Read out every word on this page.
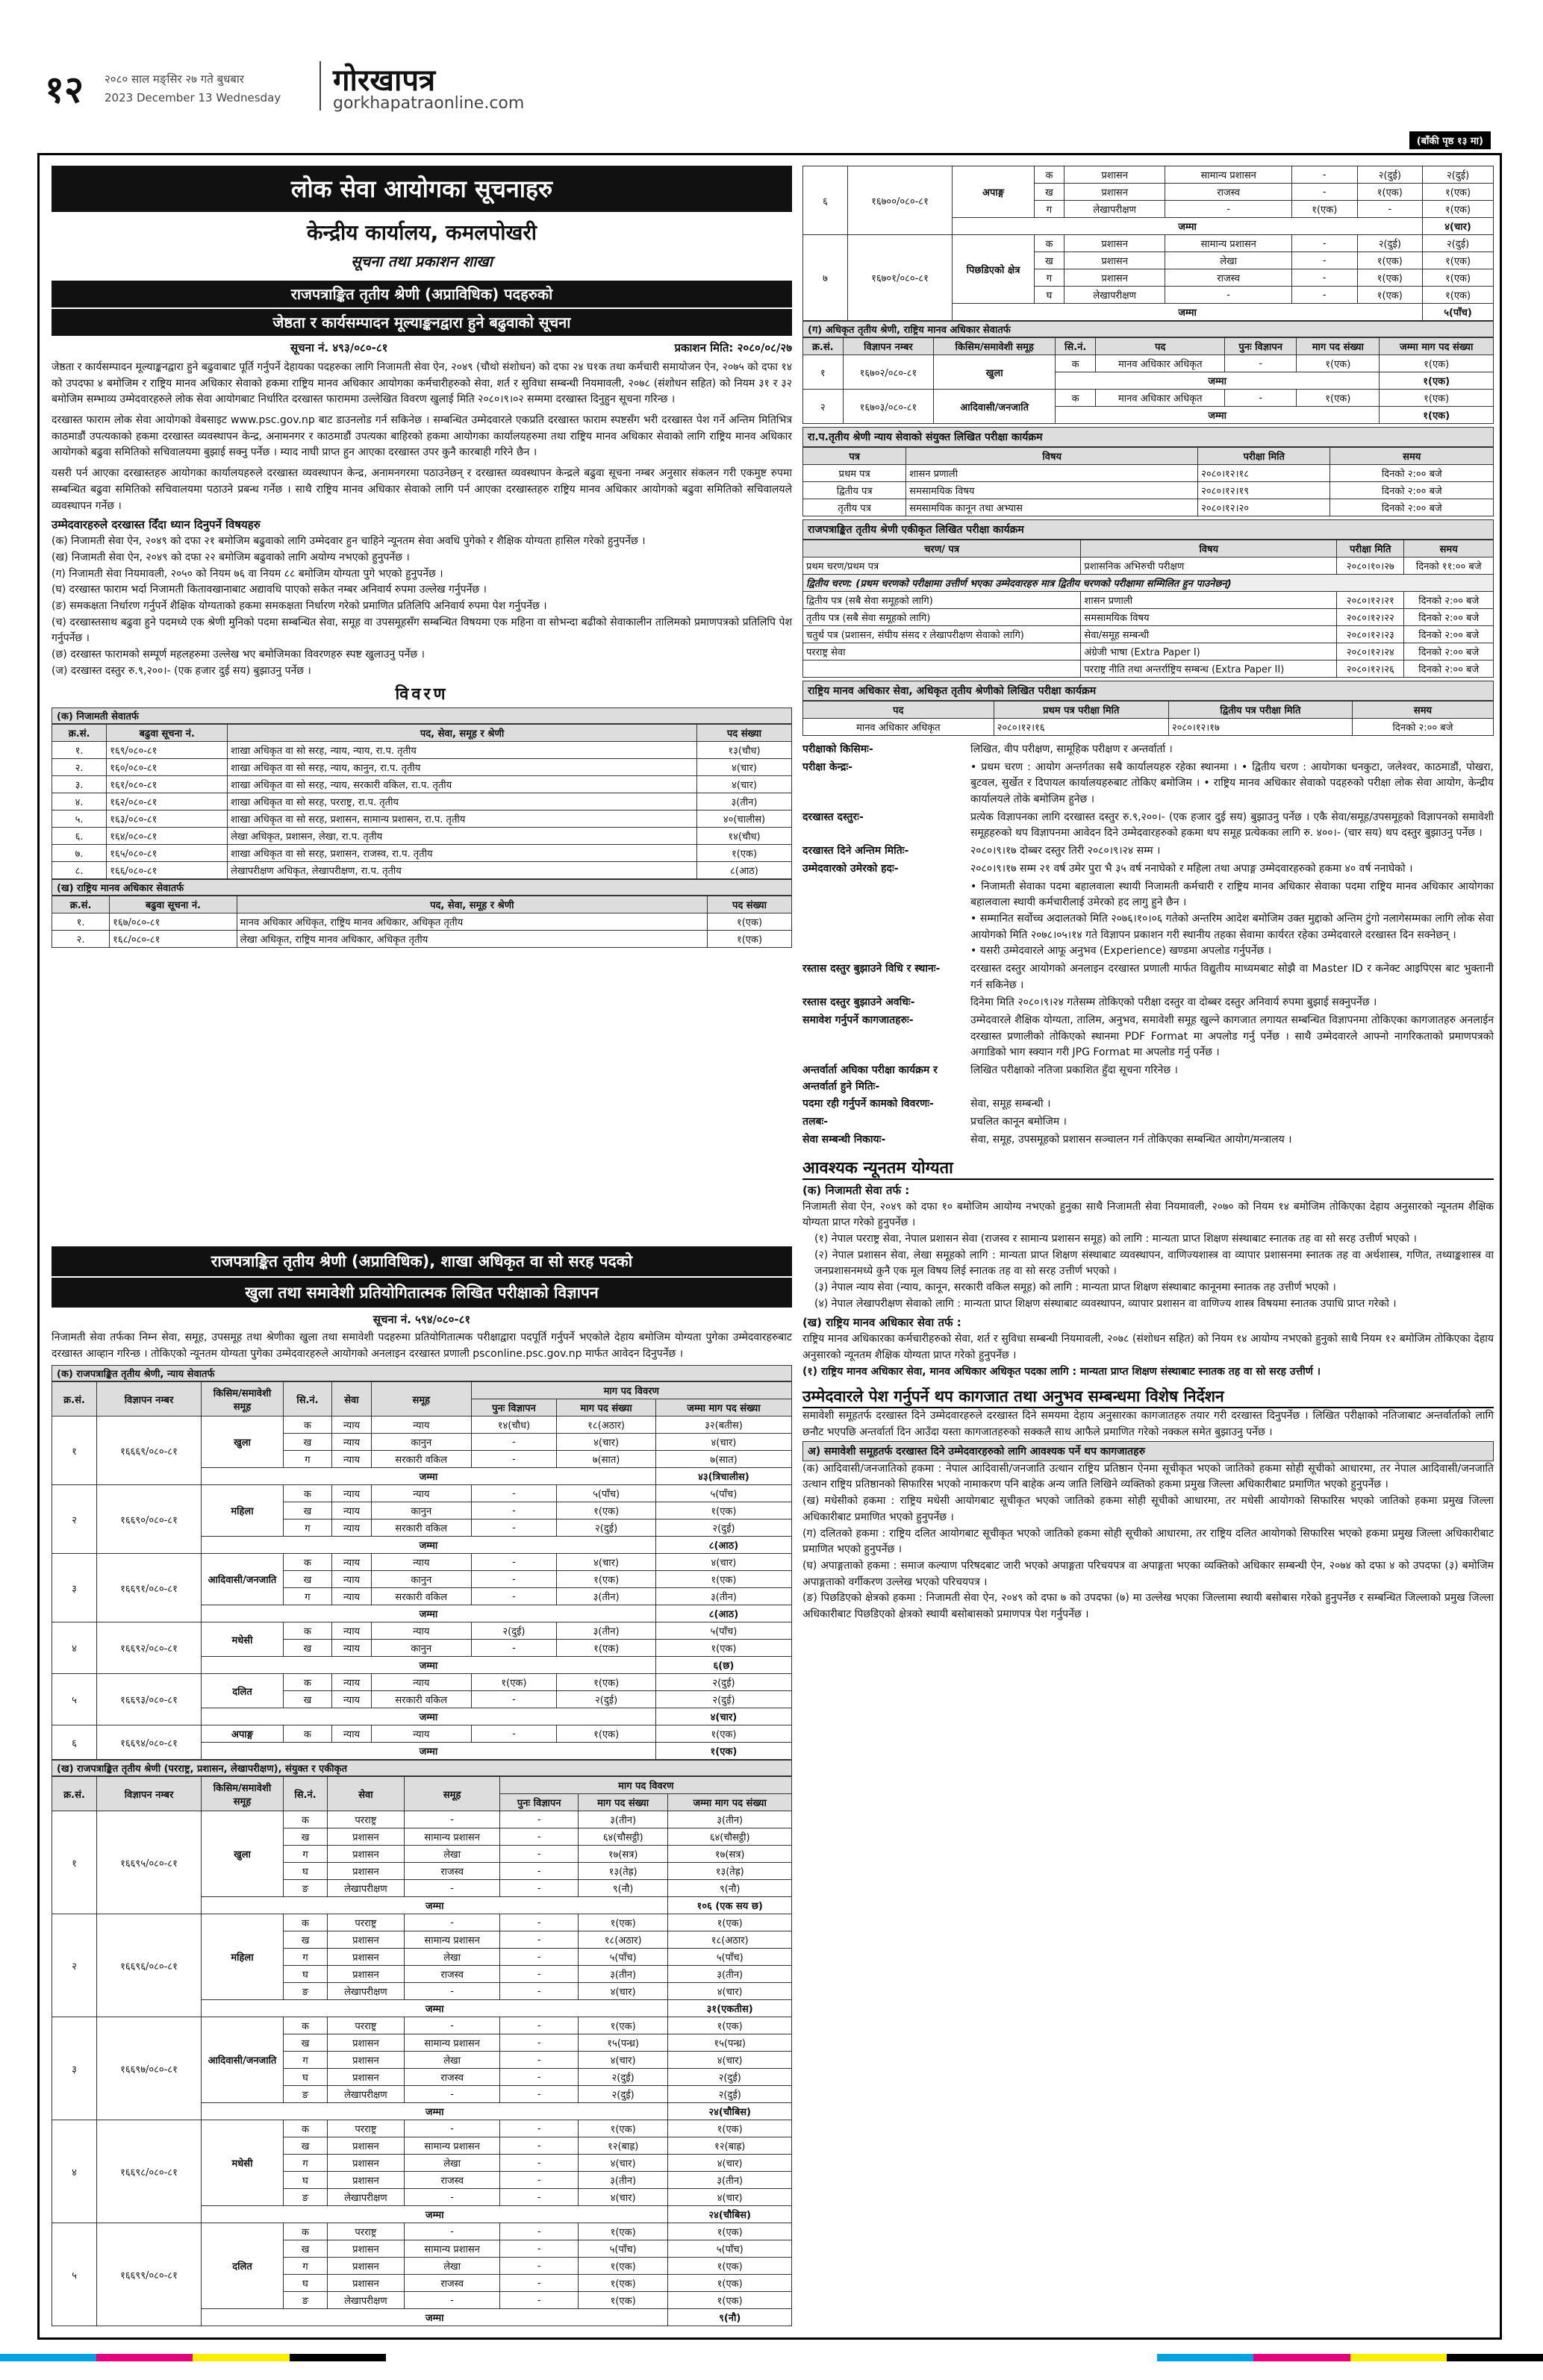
१२ २०८० साल मङ्सिर २७ गते बुधबार
2023 December 13 Wednesday गोरखापत्र
gorkhapatraonline.com
लोक सेवा आयोगका सूचनाहरु
केन्द्रीय कार्यालय, कमलपोखरी
सूचना तथा प्रकाशन शाखा
राजपत्राङ्कित तृतीय श्रेणी (अप्राविधिक) पदहरुको
जेष्ठता र कार्यसम्पादन मूल्याङ्कनद्वारा हुने बढुवाको सूचना
सूचना नं. ४९३/०८०-८१	प्रकाशन मिति: २०८०/०८/२७
जेष्ठता र कार्यसम्पादन मूल्याङ्कनद्वारा हुने बढुवाबाट पूर्ति गर्नुपर्ने देहायका पदहरुका लागि निजामती सेवा ऐन, २०४९ (चौथो संशोधन) को दफा २४ घ१क तथा कर्मचारी समायोजन ऐन, २०७५ को दफा १४ को उपदफा ४ बमोजिम र राष्ट्रिय मानव अधिकार सेवाको हकमा राष्ट्रिय मानव अधिकार आयोगका कर्मचारीहरुको सेवा, शर्त र सुविधा सम्बन्धी नियमावली, २०७८ (संशोधन सहित) को नियम ३१ र ३२ बमोजिम सम्भाव्य उम्मेदवारहरुले लोक सेवा आयोगबाट निर्धारित दरखास्त फाराममा उल्लेखित विवरण खुलाई मिति २०८०।९।०२ सम्ममा दरखास्त दिनुहुन सूचना गरिन्छ ।
दरखास्त फाराम लोक सेवा आयोगको वेबसाइट www.psc.gov.np बाट डाउनलोड गर्न सकिनेछ । सम्बन्धित उम्मेदवारले एकप्रति दरखास्त फाराम स्पष्टसँग भरी दरखास्त पेश गर्ने अन्तिम मितिभित्र काठमाडौं उपत्यकाको हकमा दरखास्त व्यवस्थापन केन्द्र, अनामनगर र काठमाडौं उपत्यका बाहिरको हकमा आयोगका कार्यालयहरुमा तथा राष्ट्रिय मानव अधिकार सेवाको लागि राष्ट्रिय मानव अधिकार आयोगको बढुवा समितिको सचिवालयमा बुझाई सक्नु पर्नेछ । म्याद नाघी प्राप्त हुन आएका दरखास्त उपर कुनै कारबाही गरिने छैन ।
यसरी पर्न आएका दरखास्तहरु आयोगका कार्यालयहरुले दरखास्त व्यवस्थापन केन्द्र, अनामनगरमा पठाउनेछन् र दरखास्त व्यवस्थापन केन्द्रले बढुवा सूचना नम्बर अनुसार संकलन गरी एकमुष्ट रुपमा सम्बन्धित बढुवा समितिको सचिवालयमा पठाउने प्रबन्ध गर्नेछ । साथै राष्ट्रिय मानव अधिकार सेवाको लागि पर्न आएका दरखास्तहरु राष्ट्रिय मानव अधिकार आयोगको बढुवा समितिको सचिवालयले व्यवस्थापन गर्नेछ ।
उम्मेदवारहरुले दरखास्त दिँदा ध्यान दिनुपर्ने विषयहरु
(क) निजामती सेवा ऐन, २०४९ को दफा २१ बमोजिम बढुवाको लागि उम्मेदवार हुन चाहिने न्यूनतम सेवा अवधि पुगेको र शैक्षिक योग्यता हासिल गरेको हुनुपर्नेछ ।
(ख) निजामती सेवा ऐन, २०४९ को दफा २२ बमोजिम बढुवाको लागि अयोग्य नभएको हुनुपर्नेछ ।
(ग) निजामती सेवा नियमावली, २०५० को नियम ७६ वा नियम ८८ बमोजिम योग्यता पुगे भएको हुनुपर्नेछ ।
(घ) दरखास्त फाराम भर्दा निजामती कितावखानाबाट अद्यावधि पाएको सकेत नम्बर अनिवार्य रुपमा उल्लेख गर्नुपर्नेछ ।
(ङ) समकक्षता निर्धारण गर्नुपर्ने शैक्षिक योग्यताको हकमा समकक्षता निर्धारण गरेको प्रमाणित प्रतिलिपि अनिवार्य रुपमा पेश गर्नुपर्नेछ ।
(च) दरखास्तसाथ बढुवा हुने पदमध्ये एक श्रेणी मुनिको पदमा सम्बन्धित सेवा, समूह वा उपसमूहसँग सम्बन्धित विषयमा एक महिना वा सोभन्दा बढीको सेवाकालीन तालिमको प्रमाणपत्रको प्रतिलिपि पेश गर्नुपर्नेछ ।
(छ) दरखास्त फारामको सम्पूर्ण महलहरुमा उल्लेख भए बमोजिमका विवरणहरु स्पष्ट खुलाउनु पर्नेछ ।
(ज) दरखास्त दस्तुर रु.९,२००।- (एक हजार दुई सय) बुझाउनु पर्नेछ ।
विवरण
(क) निजामती सेवातर्फ
क्र.सं.	बढुवा सूचना नं.	पद, सेवा, समूह र श्रेणी	पद संख्या
१.	१६९/०८०-८१	शाखा अधिकृत वा सो सरह, न्याय, न्याय, रा.प. तृतीय	१३(चौध)
२.	१६०/०८०-८१	शाखा अधिकृत वा सो सरह, न्याय, कानुन, रा.प. तृतीय	४(चार)
३.	१६१/०८०-८१	शाखा अधिकृत वा सो सरह, न्याय, सरकारी वकिल, रा.प. तृतीय	४(चार)
४.	१६२/०८०-८१	शाखा अधिकृत वा सो सरह, परराष्ट्र, रा.प. तृतीय	३(तीन)
५.	१६३/०८०-८१	शाखा अधिकृत वा सो सरह, प्रशासन, सामान्य प्रशासन, रा.प. तृतीय	४०(चालीस)
६.	१६४/०८०-८१	लेखा अधिकृत, प्रशासन, लेखा, रा.प. तृतीय	१४(चौध)
७.	१६५/०८०-८१	शाखा अधिकृत वा सो सरह, प्रशासन, राजस्व, रा.प. तृतीय	१(एक)
८.	१६६/०८०-८१	लेखापरीक्षण अधिकृत, लेखापरीक्षण, रा.प. तृतीय	८(आठ)
(ख) राष्ट्रिय मानव अधिकार सेवातर्फ
क्र.सं.	बढुवा सूचना नं.	पद, सेवा, समूह र श्रेणी	पद संख्या
१.	१६७/०८०-८१	मानव अधिकार अधिकृत, राष्ट्रिय मानव अधिकार, अधिकृत तृतीय	१(एक)
२.	१६८/०८०-८१	लेखा अधिकृत, राष्ट्रिय मानव अधिकार, अधिकृत तृतीय	१(एक)
राजपत्राङ्कित तृतीय श्रेणी (अप्राविधिक), शाखा अधिकृत वा सो सरह पदको
खुला तथा समावेशी प्रतियोगितात्मक लिखित परीक्षाको विज्ञापन
सूचना नं. ५९४/०८०-८१
निजामती सेवा तर्फका निम्न सेवा, समूह, उपसमूह तथा श्रेणीका खुला तथा समावेशी पदहरुमा प्रतियोगितात्मक परीक्षाद्वारा पदपूर्ति गर्नुपर्ने भएकोले देहाय बमोजिम योग्यता पुगेका उम्मेदवारहरुबाट दरखास्त आव्हान गरिन्छ । तोकिएको न्यूनतम योग्यता पुगेका उम्मेदवारहरुले आयोगको अनलाइन दरखास्त प्रणाली psconline.psc.gov.np मार्फत आवेदन दिनुपर्नेछ ।
(क) राजपत्राङ्कित तृतीय श्रेणी, न्याय सेवातर्फ
क्र.सं.	विज्ञापन नम्बर	किसिम/समावेशी समूह	सि.नं.	सेवा	समूह	माग पद विवरण		
						पुनः विज्ञापन	माग पद संख्या	जम्मा माग पद संख्या
१	१६६६९/०८०-८१	खुला	क	न्याय	न्याय	१४(चौध)	१८(अठार)	३२(बतीस)
			ख	न्याय	कानुन	-	४(चार)	४(चार)
			ग	न्याय	सरकारी वकिल	-	७(सात)	७(सात)
		जम्मा						४३(त्रिचालीस)
२	१६६९०/०८०-८१	महिला	क	न्याय	न्याय	-	५(पाँच)	५(पाँच)
			ख	न्याय	कानुन	-	१(एक)	१(एक)
			ग	न्याय	सरकारी वकिल	-	२(दुई)	२(दुई)
		जम्मा						८(आठ)
३	१६६९१/०८०-८१	आदिवासी/जनजाति	क	न्याय	न्याय	-	४(चार)	४(चार)
			ख	न्याय	कानुन	-	१(एक)	१(एक)
			ग	न्याय	सरकारी वकिल	-	३(तीन)	३(तीन)
		जम्मा						८(आठ)
४	१६६९२/०८०-८१	मधेसी	क	न्याय	न्याय	२(दुई)	३(तीन)	५(पाँच)
			ख	न्याय	कानुन	-	१(एक)	१(एक)
		जम्मा						६(छ)
५	१६६९३/०८०-८१	दलित	क	न्याय	न्याय	१(एक)	१(एक)	२(दुई)
			ख	न्याय	सरकारी वकिल	-	२(दुई)	२(दुई)
		जम्मा						४(चार)
६	१६६९४/०८०-८१	अपाङ्ग	क	न्याय	न्याय	-	१(एक)	१(एक)
		जम्मा						१(एक)
(ख) राजपत्राङ्कित तृतीय श्रेणी (परराष्ट्र, प्रशासन, लेखापरीक्षण), संयुक्त र एकीकृत
क्र.सं.	विज्ञापन नम्बर	किसिम/समावेशी समूह	सि.नं.	सेवा	समूह	माग पद विवरण		
						पुनः विज्ञापन	माग पद संख्या	जम्मा माग पद संख्या
१	१६६९५/०८०-८१	खुला	क	परराष्ट्र	-	-	३(तीन)	३(तीन)
			ख	प्रशासन	सामान्य प्रशासन	-	६४(चौसट्ठी)	६४(चौसट्ठी)
			ग	प्रशासन	लेखा	-	१७(सत्र)	१७(सत्र)
			घ	प्रशासन	राजस्व	-	१३(तेह्र)	१३(तेह्र)
			ङ	लेखापरीक्षण	-	-	९(नौ)	९(नौ)
		जम्मा						१०६ (एक सय छ)
२	१६६९६/०८०-८१	महिला	क	परराष्ट्र	-	-	१(एक)	१(एक)
			ख	प्रशासन	सामान्य प्रशासन	-	१८(अठार)	१८(अठार)
			ग	प्रशासन	लेखा	-	५(पाँच)	५(पाँच)
			घ	प्रशासन	राजस्व	-	३(तीन)	३(तीन)
			ङ	लेखापरीक्षण	-	-	४(चार)	४(चार)
		जम्मा						३१(एकतीस)
३	१६६९७/०८०-८१	आदिवासी/जनजाति	क	परराष्ट्र	-	-	१(एक)	१(एक)
			ख	प्रशासन	सामान्य प्रशासन	-	१५(पन्ध्र)	१५(पन्ध्र)
			ग	प्रशासन	लेखा	-	४(चार)	४(चार)
			घ	प्रशासन	राजस्व	-	२(दुई)	२(दुई)
			ङ	लेखापरीक्षण	-	-	२(दुई)	२(दुई)
		जम्मा						२४(चौबिस)
४	१६६९८/०८०-८१	मधेसी	क	परराष्ट्र	-	-	१(एक)	१(एक)
			ख	प्रशासन	सामान्य प्रशासन	-	१२(बाह्र)	१२(बाह्र)
			ग	प्रशासन	लेखा	-	४(चार)	४(चार)
			घ	प्रशासन	राजस्व	-	३(तीन)	३(तीन)
			ङ	लेखापरीक्षण	-	-	४(चार)	४(चार)
		जम्मा						२४(चौबिस)
५	१६६९९/०८०-८१	दलित	क	परराष्ट्र	-	-	१(एक)	१(एक)
			ख	प्रशासन	सामान्य प्रशासन	-	५(पाँच)	५(पाँच)
			ग	प्रशासन	लेखा	-	१(एक)	१(एक)
			घ	प्रशासन	राजस्व	-	१(एक)	१(एक)
			ङ	लेखापरीक्षण	-	-	१(एक)	१(एक)
		जम्मा						९(नौ)
६	१६७००/०८०-८१	अपाङ्ग	क	प्रशासन	सामान्य प्रशासन	-	२(दुई)	२(दुई)
			ख	प्रशासन	राजस्व	-	१(एक)	१(एक)
			ग	लेखापरीक्षण	-	१(एक)	-	१(एक)
		जम्मा						४(चार)
७	१६७०१/०८०-८१	पिछडिएको क्षेत्र	क	प्रशासन	सामान्य प्रशासन	-	२(दुई)	२(दुई)
			ख	प्रशासन	लेखा	-	१(एक)	१(एक)
			ग	प्रशासन	राजस्व	-	१(एक)	१(एक)
			घ	लेखापरीक्षण	-	-	१(एक)	१(एक)
		जम्मा						५(पाँच)
(ग) अधिकृत तृतीय श्रेणी, राष्ट्रिय मानव अधिकार सेवातर्फ
क्र.सं.	विज्ञापन नम्बर	किसिम/समावेशी समूह	सि.नं.	पद	पुनः विज्ञापन	माग पद संख्या	जम्मा माग पद संख्या
१	१६७०२/०८०-८१	खुला	क	मानव अधिकार अधिकृत	-	१(एक)	१(एक)
			जम्मा				१(एक)
२	१६७०३/०८०-८१	आदिवासी/जनजाति	क	मानव अधिकार अधिकृत	-	१(एक)	१(एक)
			जम्मा				१(एक)
रा.प.तृतीय श्रेणी न्याय सेवाको संयुक्त लिखित परीक्षा कार्यक्रम
पत्र	विषय	परीक्षा मिति	समय
प्रथम पत्र	शासन प्रणाली	२०८०।१२।१८	दिनको २:०० बजे
द्वितीय पत्र	समसामयिक विषय	२०८०।१२।१९	दिनको २:०० बजे
तृतीय पत्र	समसामयिक कानून तथा अभ्यास	२०८०।१२।२०	दिनको २:०० बजे
राजपत्राङ्कित तृतीय श्रेणी एकीकृत लिखित परीक्षा कार्यक्रम
चरण/ पत्र	विषय	परीक्षा मिति	समय
प्रथम चरण/प्रथम पत्र	प्रशासनिक अभिरुची परीक्षण	२०८०।१०।२७	दिनको ११:०० बजे
द्वितीय चरण: (प्रथम चरणको परीक्षामा उत्तीर्ण भएका उम्मेदवारहरु मात्र द्वितीय चरणको परीक्षामा सम्मिलित हुन पाउनेछन्)			
द्वितीय पत्र (सबै सेवा समूहको लागि)	शासन प्रणाली	२०८०।१२।२१	दिनको २:०० बजे
तृतीय पत्र (सबै सेवा समूहको लागि)	समसामयिक विषय	२०८०।१२।२२	दिनको २:०० बजे
चतुर्थ पत्र (प्रशासन, संघीय संसद र लेखापरीक्षण सेवाको लागि)	सेवा/समूह सम्बन्धी	२०८०।१२।२३	दिनको २:०० बजे
परराष्ट्र सेवा	अंग्रेजी भाषा (Extra Paper I)	२०८०।१२।२४	दिनको २:०० बजे
	परराष्ट्र नीति तथा अन्तर्राष्ट्रिय सम्बन्ध (Extra Paper II)	२०८०।१२।२६	दिनको २:०० बजे
राष्ट्रिय मानव अधिकार सेवा, अधिकृत तृतीय श्रेणीको लिखित परीक्षा कार्यक्रम
पद	प्रथम पत्र परीक्षा मिति	द्वितीय पत्र परीक्षा मिति	समय
मानव अधिकार अधिकृत	२०८०।१२।१६	२०८०।१२।१७	दिनको २:०० बजे
परीक्षाको किसिमः-	लिखित, वीप परीक्षण, सामूहिक परीक्षण र अन्तर्वार्ता ।
परीक्षा केन्द्रः-	• प्रथम चरण : आयोग अन्तर्गतका सबै कार्यालयहरु रहेका स्थानमा । • द्वितीय चरण : आयोगका धनकुटा, जलेश्वर, काठमाडौं, पोखरा, बुटवल, सुर्खेत र दिपायल कार्यालयहरुबाट तोकिए बमोजिम । • राष्ट्रिय मानव अधिकार सेवाको पदहरुको परीक्षा लोक सेवा आयोग, केन्द्रीय कार्यालयले तोके बमोजिम हुनेछ ।
दरखास्त दस्तुरः-	प्रत्येक विज्ञापनका लागि दरखास्त दस्तुर रु.९,२००।- (एक हजार दुई सय) बुझाउनु पर्नेछ । एकै सेवा/समूह/उपसमूहको विज्ञापनको समावेशी समूहहरुको थप विज्ञापनमा आवेदन दिने उम्मेदवारहरुको हकमा थप समूह प्रत्येकका लागि रु. ४००।- (चार सय) थप दस्तुर बुझाउनु पर्नेछ ।
दरखास्त दिने अन्तिम मितिः-	२०८०।९।१७ दोब्बर दस्तुर तिरी २०८०।९।२४ सम्म ।
उम्मेदवारको उमेरको हदः-	२०८०।९।१७ सम्म २१ वर्ष उमेर पुरा भै ३५ वर्ष ननाघेको र महिला तथा अपाङ्ग उम्मेदवारहरुको हकमा ४० वर्ष ननाघेको ।
• निजामती सेवाका पदमा बहालवाला स्थायी निजामती कर्मचारी र राष्ट्रिय मानव अधिकार सेवाका पदमा राष्ट्रिय मानव अधिकार आयोगका बहालवाला स्थायी कर्मचारीलाई उमेरको हद लागु हुने छैन ।
• सम्मानित सर्वोच्च अदालतको मिति २०७६।१०।०६ गतेको अन्तरिम आदेश बमोजिम उक्त मुद्दाको अन्तिम टुंगो नलागेसम्मका लागि लोक सेवा आयोगको मिति २०७८।०५।१४ गते विज्ञापन प्रकाशन गरी स्थानीय तहका सेवामा कार्यरत रहेका उम्मेदवारले दरखास्त दिन सक्नेछन् ।
• यसरी उम्मेदवारले आफू अनुभव (Experience) खण्डमा अपलोड गर्नुपर्नेछ ।
रस्तास दस्तुर बुझाउने विधि र स्थानः-	दरखास्त दस्तुर आयोगको अनलाइन दरखास्त प्रणाली मार्फत विद्युतीय माध्यमबाट सोझै वा Master ID र कनेक्ट आइपिएस बाट भुक्तानी गर्न सकिनेछ ।
रस्तास दस्तुर बुझाउने अवधिः-	दिनेमा मिति २०८०।९।२४ गतेसम्म तोकिएको परीक्षा दस्तुर वा दोब्बर दस्तुर अनिवार्य रुपमा बुझाई सक्नुपर्नेछ ।
समावेश गर्नुपर्ने कागजातहरुः-	उम्मेदवारले शैक्षिक योग्यता, तालिम, अनुभव, समावेशी समूह खुल्ने कागजात लगायत सम्बन्धित विज्ञापनमा तोकिएका कागजातहरु अनलाईन दरखास्त प्रणालीको तोकिएको स्थानमा PDF Format मा अपलोड गर्नु पर्नेछ । साथै उम्मेदवारले आफ्नो नागरिकताको प्रमाणपत्रको अगाडिको भाग स्क्यान गरी JPG Format मा अपलोड गर्नु पर्नेछ ।
अन्तर्वार्ता अघिका परीक्षा कार्यक्रम र अन्तर्वार्ता हुने मितिः-
लिखित परीक्षाको नतिजा प्रकाशित हुँदा सूचना गरिनेछ ।
पदमा रही गर्नुपर्ने कामको विवरणः-	सेवा, समूह सम्बन्धी ।
तलबः-	प्रचलित कानून बमोजिम ।
सेवा सम्बन्धी निकायः-	सेवा, समूह, उपसमूहको प्रशासन सञ्चालन गर्न तोकिएका सम्बन्धित आयोग/मन्त्रालय ।
आवश्यक न्यूनतम योग्यता
(क) निजामती सेवा तर्फ :
निजामती सेवा ऐन, २०४९ को दफा १० बमोजिम आयोग्य नभएको हुनुका साथै निजामती सेवा नियमावली, २०७० को नियम १४ बमोजिम तोकिएका देहाय अनुसारको न्यूनतम शैक्षिक योग्यता प्राप्त गरेको हुनुपर्नेछ ।
(१) नेपाल परराष्ट्र सेवा, नेपाल प्रशासन सेवा (राजस्व र सामान्य प्रशासन समूह) को लागि : मान्यता प्राप्त शिक्षण संस्थाबाट स्नातक तह वा सो सरह उत्तीर्ण भएको ।
(२) नेपाल प्रशासन सेवा, लेखा समूहको लागि : मान्यता प्राप्त शिक्षण संस्थाबाट व्यवस्थापन, वाणिज्यशास्त्र वा व्यापार प्रशासनमा स्नातक तह वा अर्थशास्त्र, गणित, तथ्याङ्कशास्त्र वा जनप्रशासनमध्ये कुनै एक मूल विषय लिई स्नातक तह वा सो सरह उत्तीर्ण भएको ।
(३) नेपाल न्याय सेवा (न्याय, कानून, सरकारी वकिल समूह) को लागि : मान्यता प्राप्त शिक्षण संस्थाबाट कानूनमा स्नातक तह उत्तीर्ण भएको ।
(४) नेपाल लेखापरीक्षण सेवाको लागि : मान्यता प्राप्त शिक्षण संस्थाबाट व्यवस्थापन, व्यापार प्रशासन वा वाणिज्य शास्त्र विषयमा स्नातक उपाधि प्राप्त गरेको ।
(ख) राष्ट्रिय मानव अधिकार सेवा तर्फ :
राष्ट्रिय मानव अधिकारका कर्मचारीहरुको सेवा, शर्त र सुविधा सम्बन्धी नियमावली, २०७८ (संशोधन सहित) को नियम १४ आयोग्य नभएको हुनुको साथै नियम १२ बमोजिम तोकिएका देहाय अनुसारको न्यूनतम शैक्षिक योग्यता प्राप्त गरेको हुनुपर्नेछ ।
(१) राष्ट्रिय मानव अधिकार सेवा, मानव अधिकार अधिकृत पदका लागि : मान्यता प्राप्त शिक्षण संस्थाबाट स्नातक तह वा सो सरह उत्तीर्ण ।
उम्मेदवारले पेश गर्नुपर्ने थप कागजात तथा अनुभव सम्बन्धमा विशेष निर्देशन
समावेशी समूहतर्फ दरखास्त दिने उम्मेदवारहरुले दरखास्त दिने समयमा देहाय अनुसारका कागजातहरु तयार गरी दरखास्त दिनुपर्नेछ । लिखित परीक्षाको नतिजाबाट अन्तर्वार्ताको लागि छनौट भएपछि अन्तर्वार्ता दिन आउँदा यस्ता कागजातहरुको सक्कलै साथ आफैले प्रमाणित गरेको नक्कल समेत बुझाउनु पर्नेछ ।
अ) समावेशी समूहतर्फ दरखास्त दिने उम्मेदवारहरुको लागि आवश्यक पर्ने थप कागजातहरु
(क) आदिवासी/जनजातिको हकमा : नेपाल आदिवासी/जनजाति उत्थान राष्ट्रिय प्रतिष्ठान ऐनमा सूचीकृत भएको जातिको हकमा सोही सूचीको आधारमा, तर नेपाल आदिवासी/जनजाति उत्थान राष्ट्रिय प्रतिष्ठानको सिफारिस भएको नामाकरण पनि बाहेक अन्य जाति लिखिने व्यक्तिको हकमा प्रमुख जिल्ला अधिकारीबाट प्रमाणित भएको हुनुपर्नेछ ।
(ख) मधेसीको हकमा : राष्ट्रिय मधेसी आयोगबाट सूचीकृत भएको जातिको हकमा सोही सूचीको आधारमा, तर मधेसी आयोगको सिफारिस भएको जातिको हकमा प्रमुख जिल्ला अधिकारीबाट प्रमाणित भएको हुनुपर्नेछ ।
(ग) दलितको हकमा : राष्ट्रिय दलित आयोगबाट सूचीकृत भएको जातिको हकमा सोही सूचीको आधारमा, तर राष्ट्रिय दलित आयोगको सिफारिस भएको हकमा प्रमुख जिल्ला अधिकारीबाट प्रमाणित भएको हुनुपर्नेछ ।
(घ) अपाङ्गताको हकमा : समाज कल्याण परिषदबाट जारी भएको अपाङ्गता परिचयपत्र वा अपाङ्गता भएका व्यक्तिको अधिकार सम्बन्धी ऐन, २०७४ को दफा ४ को उपदफा (३) बमोजिम अपाङ्गताको वर्गीकरण उल्लेख भएको परिचयपत्र ।
(ङ) पिछडिएको क्षेत्रको हकमा : निजामती सेवा ऐन, २०४९ को दफा ७ को उपदफा (७) मा उल्लेख भएका जिल्लामा स्थायी बसोबास गरेको हुनुपर्नेछ र सम्बन्धित जिल्लाको प्रमुख जिल्ला अधिकारीबाट पिछडिएको क्षेत्रको स्थायी बसोबासको प्रमाणपत्र पेश गर्नुपर्नेछ ।
(बाँकी पृष्ठ १३ मा)
